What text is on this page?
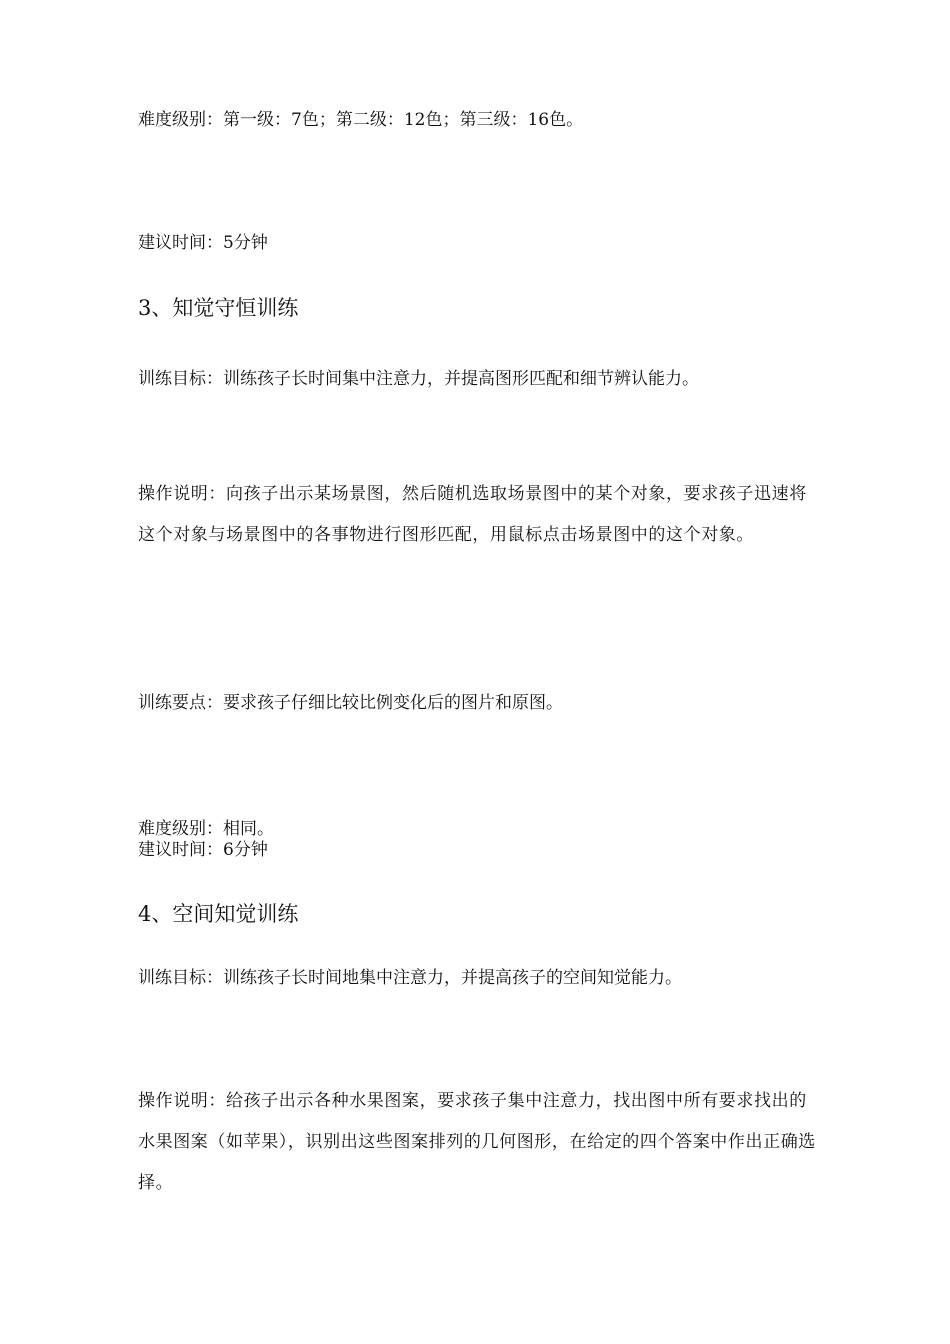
难度级别：第一级：7色；第二级：12色；第三级：16色。

建议时间：5分钟

3、知觉守恒训练

训练目标：训练孩子长时间集中注意力，并提高图形匹配和细节辨认能力。

操作说明：向孩子出示某场景图，然后随机选取场景图中的某个对象，要求孩子迅速将这个对象与场景图中的各事物进行图形匹配，用鼠标点击场景图中的这个对象。

训练要点：要求孩子仔细比较比例变化后的图片和原图。

难度级别：相同。

建议时间：6分钟

4、空间知觉训练

训练目标：训练孩子长时间地集中注意力，并提高孩子的空间知觉能力。

操作说明：给孩子出示各种水果图案，要求孩子集中注意力，找出图中所有要求找出的水果图案（如苹果），识别出这些图案排列的几何图形，在给定的四个答案中作出正确选择。
